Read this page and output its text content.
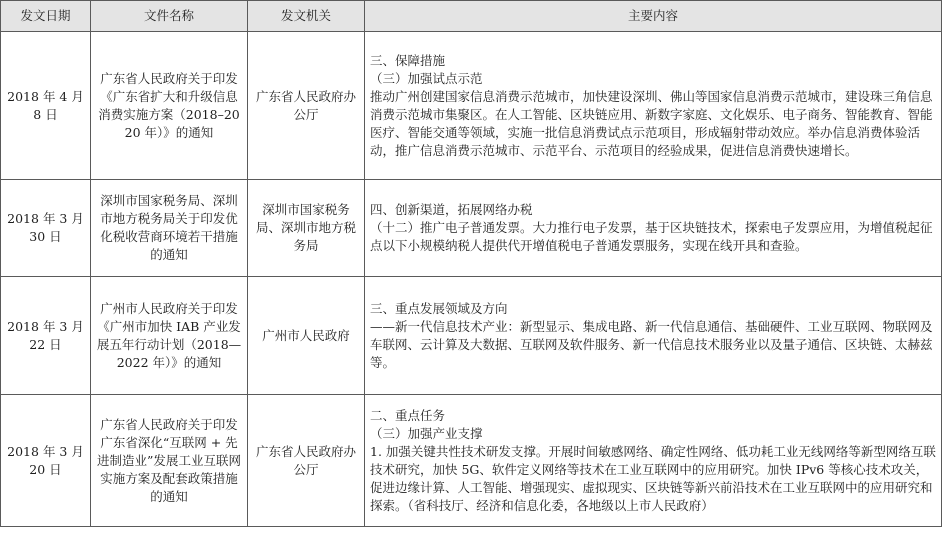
发文日期	文件名称	发文机关	主要内容
2018 年 4 月 8 日	广东省人民政府关于印发《广东省扩大和升级信息消费实施方案（2018–2020 年）》的通知	广东省人民政府办公厅	三、保障措施
（三）加强试点示范
推动广州创建国家信息消费示范城市，加快建设深圳、佛山等国家信息消费示范城市，建设珠三角信息消费示范城市集聚区。在人工智能、区块链应用、新数字家庭、文化娱乐、电子商务、智能教育、智能医疗、智能交通等领域，实施一批信息消费试点示范项目，形成辐射带动效应。举办信息消费体验活动，推广信息消费示范城市、示范平台、示范项目的经验成果，促进信息消费快速增长。

2018 年 3 月 30 日	深圳市国家税务局、深圳市地方税务局关于印发优化税收营商环境若干措施的通知	深圳市国家税务局、深圳市地方税务局	四、创新渠道，拓展网络办税
（十二）推广电子普通发票。大力推行电子发票，基于区块链技术，探索电子发票应用，为增值税起征点以下小规模纳税人提供代开增值税电子普通发票服务，实现在线开具和查验。

2018 年 3 月 22 日	广州市人民政府关于印发《广州市加快 IAB 产业发展五年行动计划（2018—2022 年）》的通知	广州市人民政府	三、重点发展领域及方向
——新一代信息技术产业：新型显示、集成电路、新一代信息通信、基础硬件、工业互联网、物联网及车联网、云计算及大数据、互联网及软件服务、新一代信息技术服务业以及量子通信、区块链、太赫兹等。

2018 年 3 月 20 日	广东省人民政府关于印发广东省深化“互联网 + 先进制造业”发展工业互联网实施方案及配套政策措施的通知	广东省人民政府办公厅	二、重点任务
（三）加强产业支撑
1. 加强关键共性技术研发支撑。开展时间敏感网络、确定性网络、低功耗工业无线网络等新型网络互联技术研究，加快 5G、软件定义网络等技术在工业互联网中的应用研究。加快 IPv6 等核心技术攻关，促进边缘计算、人工智能、增强现实、虚拟现实、区块链等新兴前沿技术在工业互联网中的应用研究和探索。（省科技厅、经济和信息化委，各地级以上市人民政府）
